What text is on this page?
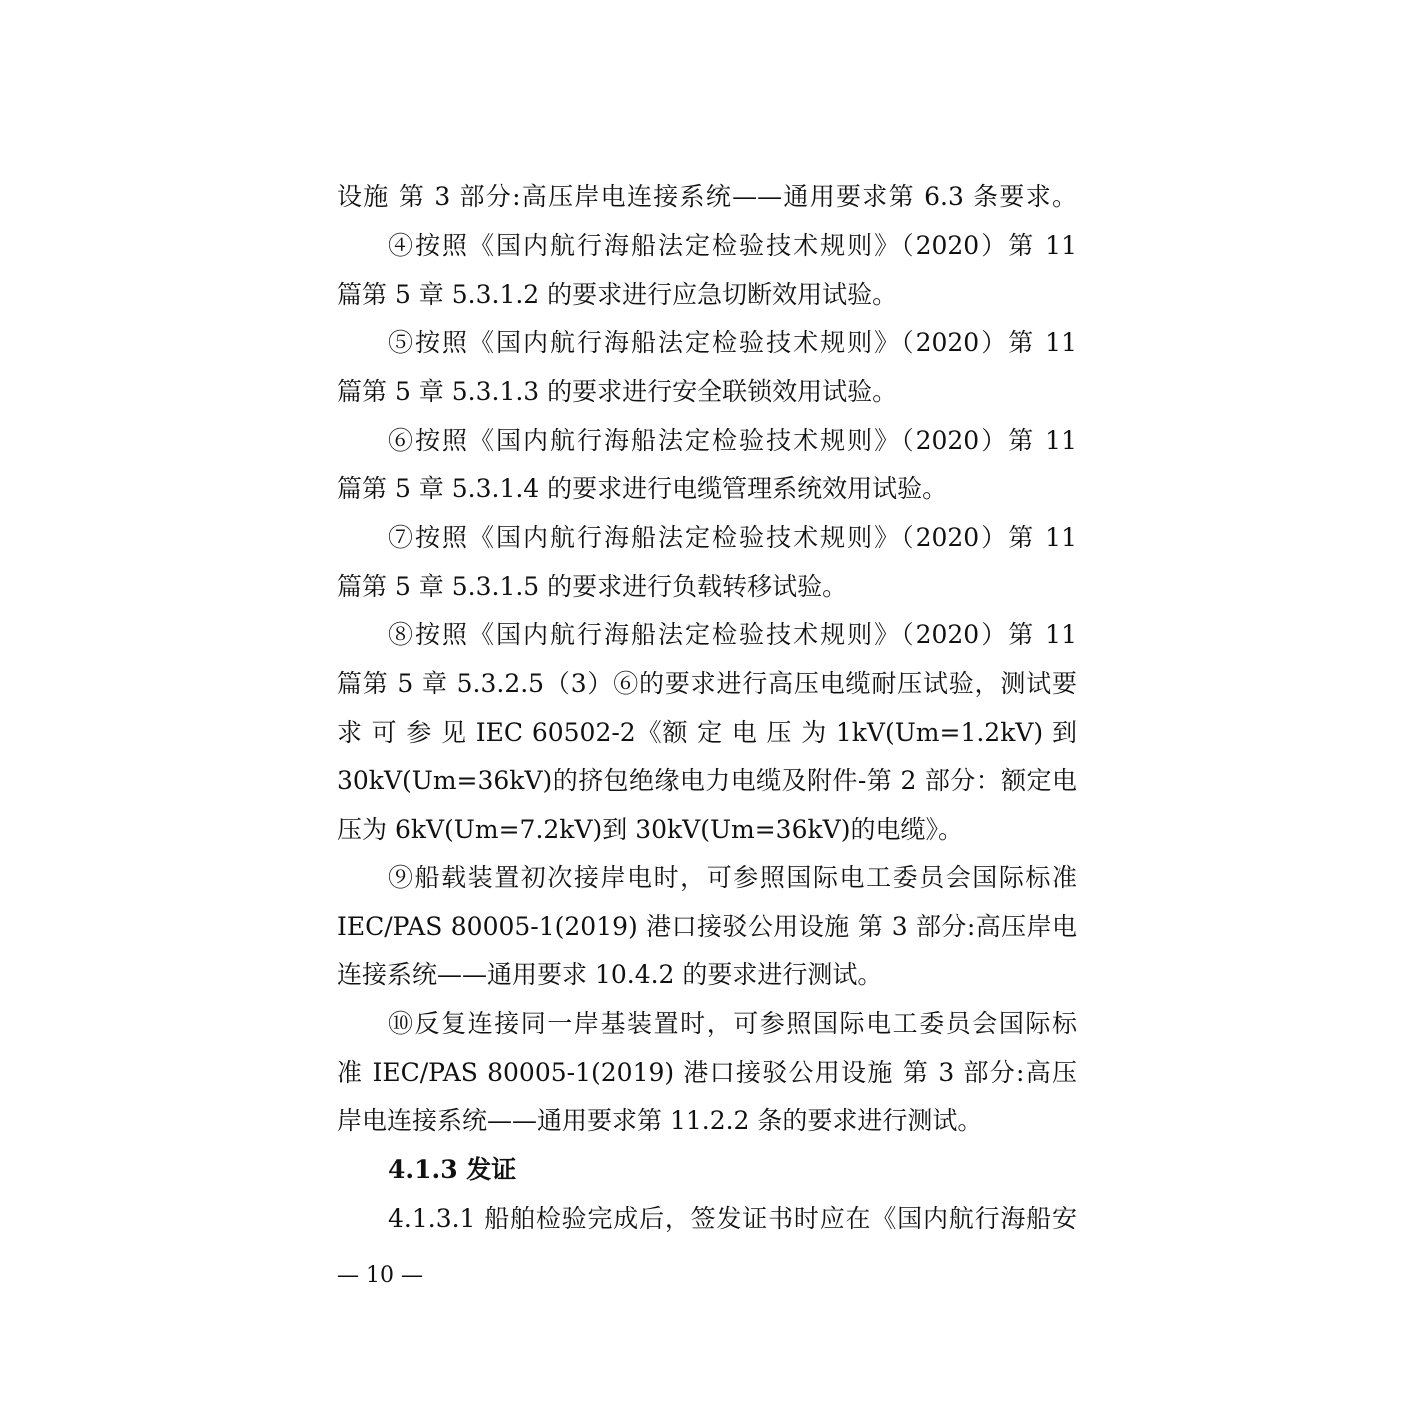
设施 第 3 部分:高压岸电连接系统——通用要求第 6.3 条要求。
④按照《国内航行海船法定检验技术规则》（2020）第 11
篇第 5 章 5.3.1.2 的要求进行应急切断效用试验。
⑤按照《国内航行海船法定检验技术规则》（2020）第 11
篇第 5 章 5.3.1.3 的要求进行安全联锁效用试验。
⑥按照《国内航行海船法定检验技术规则》（2020）第 11
篇第 5 章 5.3.1.4 的要求进行电缆管理系统效用试验。
⑦按照《国内航行海船法定检验技术规则》（2020）第 11
篇第 5 章 5.3.1.5 的要求进行负载转移试验。
⑧按照《国内航行海船法定检验技术规则》（2020）第 11
篇第 5 章 5.3.2.5（3）⑥的要求进行高压电缆耐压试验，测试要
求 可 参 见 IEC 60502-2《额 定 电 压 为 1kV(Um=1.2kV) 到
30kV(Um=36kV)的挤包绝缘电力电缆及附件-第 2 部分：额定电
压为 6kV(Um=7.2kV)到 30kV(Um=36kV)的电缆》。
⑨船载装置初次接岸电时，可参照国际电工委员会国际标准
IEC/PAS 80005-1(2019) 港口接驳公用设施 第 3 部分:高压岸电
连接系统——通用要求 10.4.2 的要求进行测试。
⑩反复连接同一岸基装置时，可参照国际电工委员会国际标
准 IEC/PAS 80005-1(2019) 港口接驳公用设施 第 3 部分:高压
岸电连接系统——通用要求第 11.2.2 条的要求进行测试。
4.1.3 发证
4.1.3.1 船舶检验完成后，签发证书时应在《国内航行海船安
— 10 —
